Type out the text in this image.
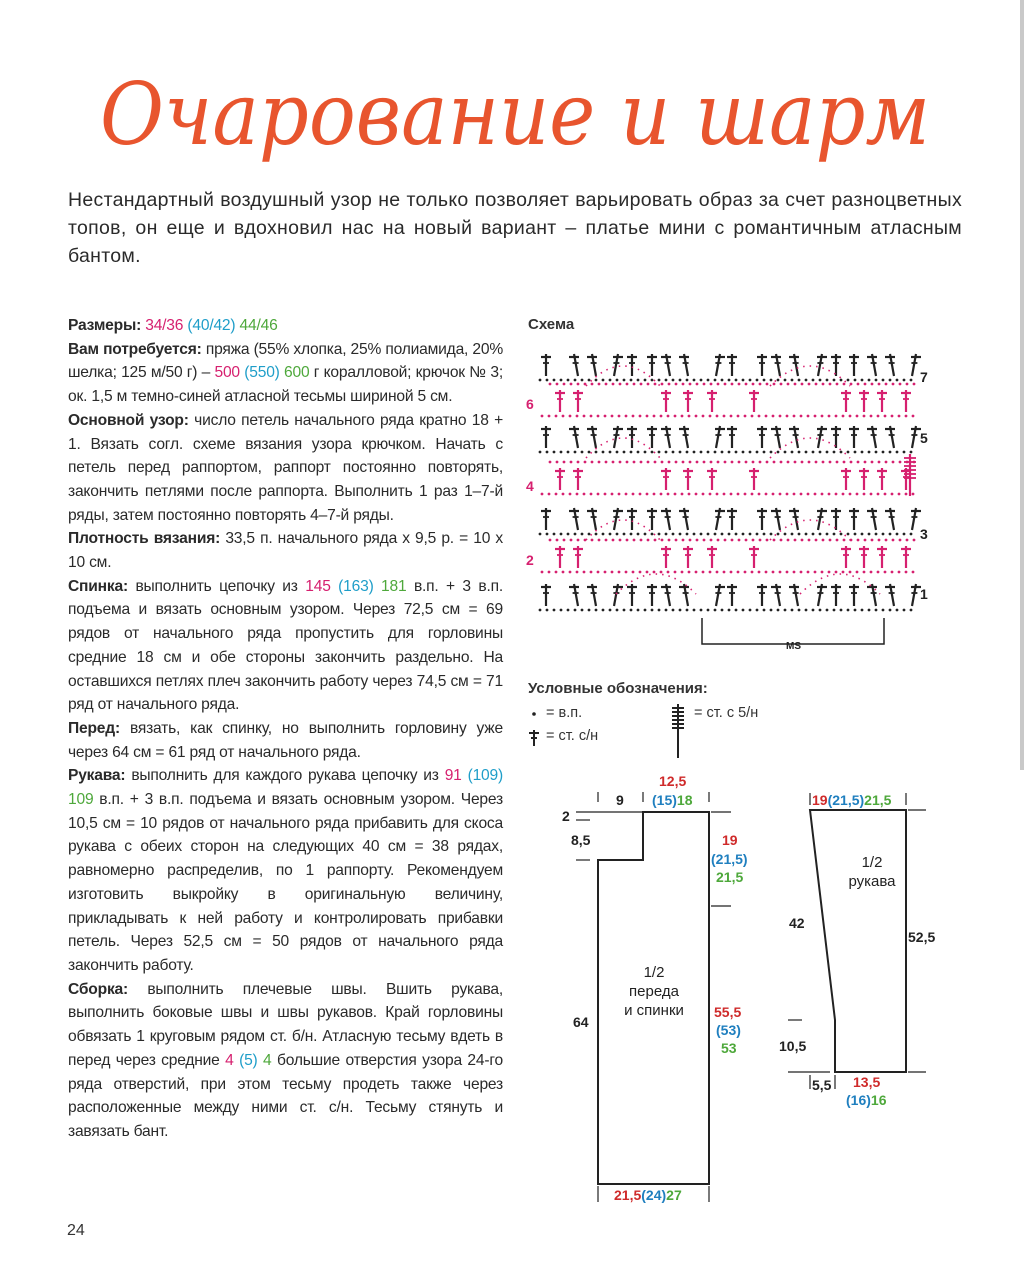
Очарование и шарм
Нестандартный воздушный узор не только позволяет варьировать образ за счет разноцветных топов, он еще и вдохновил нас на новый вариант – платье мини с романтичным атласным бантом.

Размеры: 34/36 (40/42) 44/46

Вам потребуется: пряжа (55% хлопка, 25% полиамида, 20% шелка; 125 м/50 г) – 500 (550) 600 г коралловой; крючок № 3; ок. 1,5 м темно-синей атласной тесьмы шириной 5 см.

Основной узор: число петель начального ряда кратно 18 + 1. Вязать согл. схеме вязания узора крючком. Начать с петель перед раппортом, раппорт постоянно повторять, закончить петлями после раппорта. Выполнить 1 раз 1–7-й ряды, затем постоянно повторять 4–7-й ряды.

Плотность вязания: 33,5 п. начального ряда x 9,5 р. = 10 x 10 см.

Спинка: выполнить цепочку из 145 (163) 181 в.п. + 3 в.п. подъема и вязать основным узором. Через 72,5 см = 69 рядов от начального ряда пропустить для горловины средние 18 см и обе стороны закончить раздельно. На оставшихся петлях плеч закончить работу через 74,5 см = 71 ряд от начального ряда.

Перед: вязать, как спинку, но выполнить горловину уже через 64 см = 61 ряд от начального ряда.

Рукава: выполнить для каждого рукава цепочку из 91 (109) 109 в.п. + 3 в.п. подъема и вязать основным узором. Через 10,5 см = 10 рядов от начального ряда прибавить для скоса рукава с обеих сторон на следующих 40 см = 38 рядах, равномерно распределив, по 1 раппорту. Рекомендуем изготовить выкройку в оригинальную величину, прикладывать к ней работу и контролировать прибавки петель. Через 52,5 см = 50 рядов от начального ряда закончить работу.

Сборка: выполнить плечевые швы. Вшить рукава, выполнить боковые швы и швы рукавов. Край горловины обвязать 1 круговым рядом ст. б/н. Атласную тесьму вдеть в перед через средние 4 (5) 4 большие отверстия узора 24-го ряда отверстий, при этом тесьму продеть также через расположенные между ними ст. с/н. Тесьму стянуть и завязать бант.

24
Схема
MS
7
6
5
4
3
2
1
Условные обозначения:
= в.п.
= ст. с/н
= ст. с 5/н
9
12,5
(15)18
2
8,5	19
(21,5)
21,5
1/2
переда
и спинки
64
55,5
(53)
53
21,5(24)27
19(21,5)21,5
1/2
рукава
42
52,5
10,5
5,5 13,5
(16)16
